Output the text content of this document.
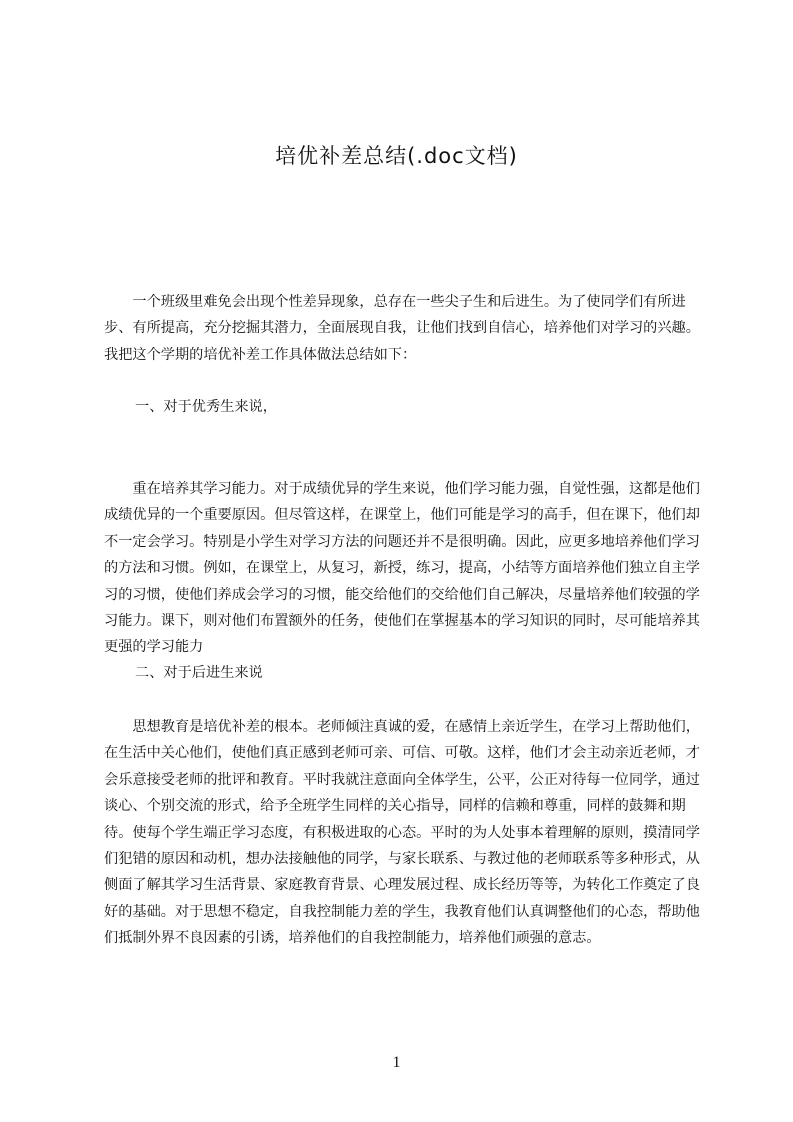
培优补差总结(.doc文档)

一个班级里难免会出现个性差异现象，总存在一些尖子生和后进生。为了使同学们有所进步、有所提高，充分挖掘其潜力，全面展现自我，让他们找到自信心，培养他们对学习的兴趣。我把这个学期的培优补差工作具体做法总结如下：

一、对于优秀生来说，

重在培养其学习能力。对于成绩优异的学生来说，他们学习能力强，自觉性强，这都是他们成绩优异的一个重要原因。但尽管这样，在课堂上，他们可能是学习的高手，但在课下，他们却不一定会学习。特别是小学生对学习方法的问题还并不是很明确。因此，应更多地培养他们学习的方法和习惯。例如，在课堂上，从复习，新授，练习，提高，小结等方面培养他们独立自主学习的习惯，使他们养成会学习的习惯，能交给他们的交给他们自己解决，尽量培养他们较强的学习能力。课下，则对他们布置额外的任务，使他们在掌握基本的学习知识的同时，尽可能培养其更强的学习能力

二、对于后进生来说

思想教育是培优补差的根本。老师倾注真诚的爱，在感情上亲近学生，在学习上帮助他们，在生活中关心他们，使他们真正感到老师可亲、可信、可敬。这样，他们才会主动亲近老师，才会乐意接受老师的批评和教育。平时我就注意面向全体学生，公平，公正对待每一位同学，通过谈心、个别交流的形式，给予全班学生同样的关心指导，同样的信赖和尊重，同样的鼓舞和期待。使每个学生端正学习态度，有积极进取的心态。平时的为人处事本着理解的原则，摸清同学们犯错的原因和动机，想办法接触他的同学，与家长联系、与教过他的老师联系等多种形式，从侧面了解其学习生活背景、家庭教育背景、心理发展过程、成长经历等等，为转化工作奠定了良好的基础。对于思想不稳定，自我控制能力差的学生，我教育他们认真调整他们的心态，帮助他们抵制外界不良因素的引诱，培养他们的自我控制能力，培养他们顽强的意志。

1
